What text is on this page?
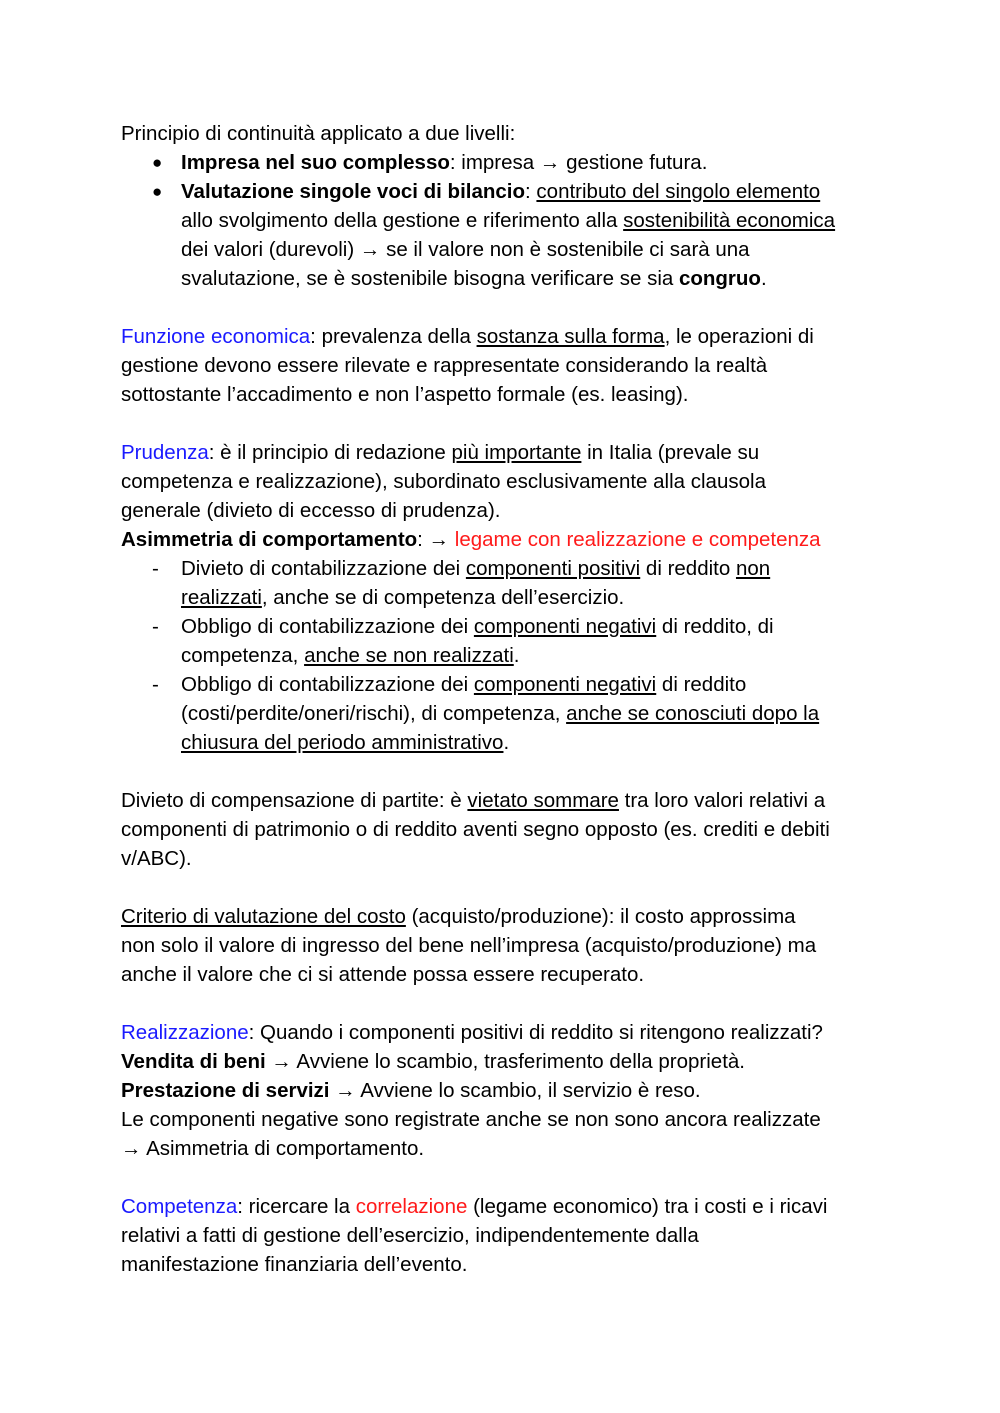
Principio di continuità applicato a due livelli:
● Impresa nel suo complesso: impresa → gestione futura.
● Valutazione singole voci di bilancio: contributo del singolo elemento
allo svolgimento della gestione e riferimento alla sostenibilità economica
dei valori (durevoli) → se il valore non è sostenibile ci sarà una
svalutazione, se è sostenibile bisogna verificare se sia congruo.
Funzione economica: prevalenza della sostanza sulla forma, le operazioni di
gestione devono essere rilevate e rappresentate considerando la realtà
sottostante l’accadimento e non l’aspetto formale (es. leasing).
Prudenza: è il principio di redazione più importante in Italia (prevale su
competenza e realizzazione), subordinato esclusivamente alla clausola
generale (divieto di eccesso di prudenza).
Asimmetria di comportamento: → legame con realizzazione e competenza
- Divieto di contabilizzazione dei componenti positivi di reddito non
realizzati, anche se di competenza dell’esercizio.
- Obbligo di contabilizzazione dei componenti negativi di reddito, di
competenza, anche se non realizzati.
- Obbligo di contabilizzazione dei componenti negativi di reddito
(costi/perdite/oneri/rischi), di competenza, anche se conosciuti dopo la
chiusura del periodo amministrativo.
Divieto di compensazione di partite: è vietato sommare tra loro valori relativi a
componenti di patrimonio o di reddito aventi segno opposto (es. crediti e debiti
v/ABC).
Criterio di valutazione del costo (acquisto/produzione): il costo approssima
non solo il valore di ingresso del bene nell’impresa (acquisto/produzione) ma
anche il valore che ci si attende possa essere recuperato.
Realizzazione: Quando i componenti positivi di reddito si ritengono realizzati?
Vendita di beni → Avviene lo scambio, trasferimento della proprietà.
Prestazione di servizi → Avviene lo scambio, il servizio è reso.
Le componenti negative sono registrate anche se non sono ancora realizzate
→ Asimmetria di comportamento.
Competenza: ricercare la correlazione (legame economico) tra i costi e i ricavi
relativi a fatti di gestione dell’esercizio, indipendentemente dalla
manifestazione finanziaria dell’evento.
